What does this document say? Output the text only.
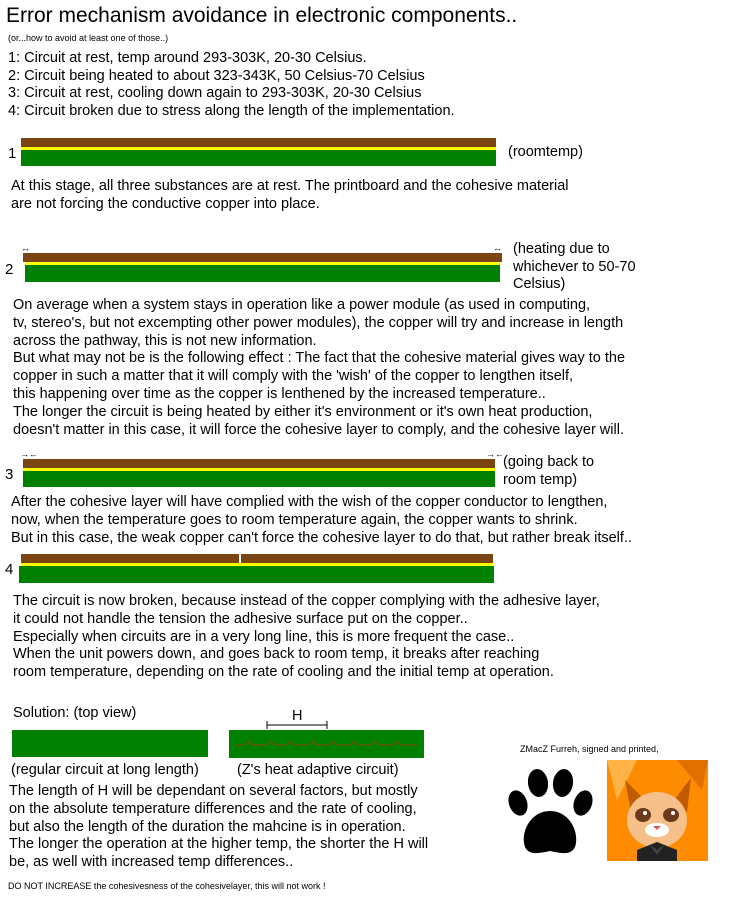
Error mechanism avoidance in electronic components..
(or...how to avoid at least one of those..)
1: Circuit at rest, temp around 293-303K, 20-30 Celsius.
2: Circuit being heated to about 323-343K, 50 Celsius-70 Celsius
3: Circuit at rest, cooling down again to 293-303K, 20-30 Celsius
4: Circuit broken due to stress along the length of the implementation.
1	(roomtemp)
At this stage, all three substances are at rest. The printboard and the cohesive material
are not forcing the conductive copper into place.
↔	↔
2
(heating due to
whichever to 50-70
Celsius)
On average when a system stays in operation like a power module (as used in computing,
tv, stereo's, but not excempting other power modules), the copper will try and increase in length
across the pathway, this is not new information.
But what may not be is the following effect : The fact that the cohesive material gives way to the
copper in such a matter that it will comply with the 'wish' of the copper to lengthen itself,
this happening over time as the copper is lenthened by the increased temperature..
The longer the circuit is being heated by either it's environment or it's own heat production,
doesn't matter in this case, it will force the cohesive layer to comply, and the cohesive layer will.
→←	→←
3
(going back to
room temp)
After the cohesive layer will have complied with the wish of the copper conductor to lengthen,
now, when the temperature goes to room temperature again, the copper wants to shrink.
But in this case, the weak copper can't force the cohesive layer to do that, but rather break itself..
4
The circuit is now broken, because instead of the copper complying with the adhesive layer,
it could not handle the tension the adhesive surface put on the copper..
Especially when circuits are in a very long line, this is more frequent the case..
When the unit powers down, and goes back to room temp, it breaks after reaching
room temperature, depending on the rate of cooling and the initial temp at operation.
Solution: (top view)
(regular circuit at long length)
H
(Z's heat adaptive circuit)
The length of H will be dependant on several factors, but mostly
on the absolute temperature differences and the rate of cooling,
but also the length of the duration the mahcine is in operation.
The longer the operation at the higher temp, the shorter the H will
be, as well with increased temp differences..
ZMacZ Furreh, signed and printed,
DO NOT INCREASE the cohesivesness of the cohesivelayer, this will not work !
